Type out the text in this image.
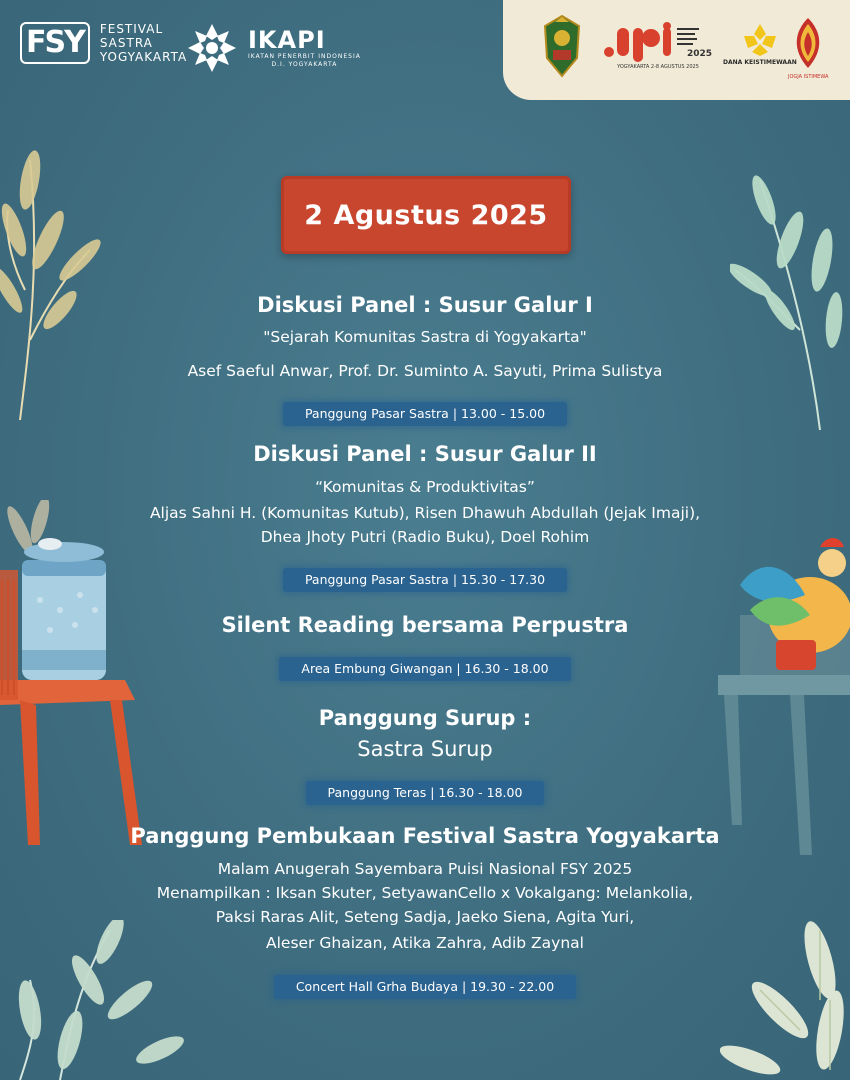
FSY	FESTIVAL
SASTRA
YOGYAKARTA
IKAPI
IKATAN PENERBIT INDONESIA
D.I. YOGYAKARTA
2025
YOGYAKARTA 2-8 AGUSTUS 2025
DANA KEISTIMEWAAN
JOGJA ISTIMEWA
2 Agustus 2025
Diskusi Panel : Susur Galur I
"Sejarah Komunitas Sastra di Yogyakarta"
Asef Saeful Anwar, Prof. Dr. Suminto A. Sayuti, Prima Sulistya
Panggung Pasar Sastra | 13.00 - 15.00
Diskusi Panel : Susur Galur II
“Komunitas & Produktivitas”
Aljas Sahni H. (Komunitas Kutub), Risen Dhawuh Abdullah (Jejak Imaji),
Dhea Jhoty Putri (Radio Buku), Doel Rohim
Panggung Pasar Sastra | 15.30 - 17.30
Silent Reading bersama Perpustra
Area Embung Giwangan | 16.30 - 18.00
Panggung Surup :
Sastra Surup
Panggung Teras | 16.30 - 18.00
Panggung Pembukaan Festival Sastra Yogyakarta
Malam Anugerah Sayembara Puisi Nasional FSY 2025
Menampilkan : Iksan Skuter, SetyawanCello x Vokalgang: Melankolia,
Paksi Raras Alit, Seteng Sadja, Jaeko Siena, Agita Yuri,
Aleser Ghaizan, Atika Zahra, Adib Zaynal
Concert Hall Grha Budaya | 19.30 - 22.00
